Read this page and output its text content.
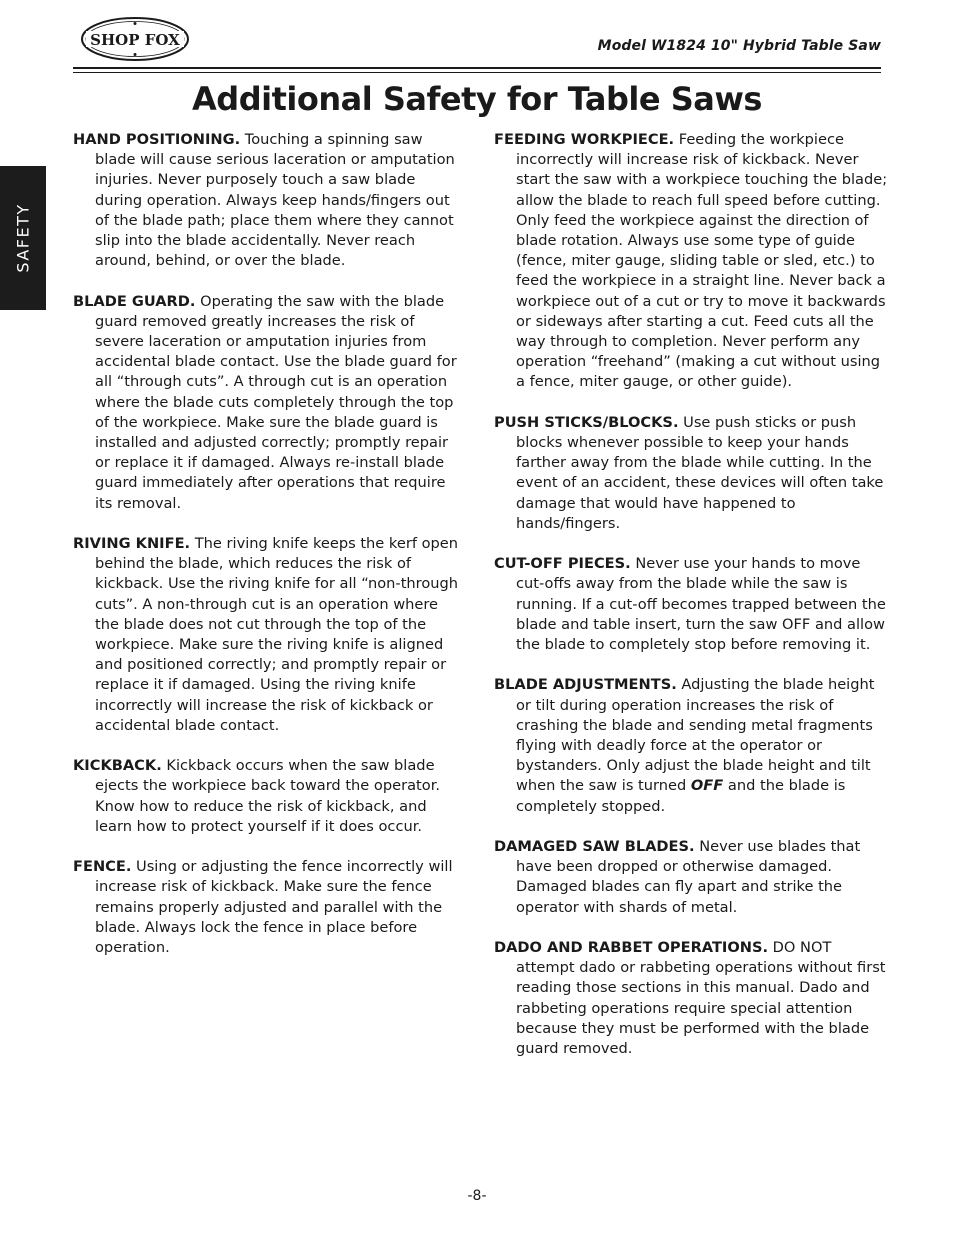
SHOP FOX	Model W1824 10" Hybrid Table Saw
Additional Safety for Table Saws
SAFETY

HAND POSITIONING. Touching a spinning saw blade will cause serious laceration or amputation injuries. Never purposely touch a saw blade during operation. Always keep hands/fingers out of the blade path; place them where they cannot slip into the blade accidentally. Never reach around, behind, or over the blade.

BLADE GUARD. Operating the saw with the blade guard removed greatly increases the risk of severe laceration or amputation injuries from accidental blade contact. Use the blade guard for all “through cuts”. A through cut is an operation where the blade cuts completely through the top of the workpiece. Make sure the blade guard is installed and adjusted correctly; promptly repair or replace it if damaged. Always re-install blade guard immediately after operations that require its removal.

RIVING KNIFE. The riving knife keeps the kerf open behind the blade, which reduces the risk of kickback. Use the riving knife for all “non-through cuts”. A non-through cut is an operation where the blade does not cut through the top of the workpiece. Make sure the riving knife is aligned and positioned correctly; and promptly repair or replace it if damaged. Using the riving knife incorrectly will increase the risk of kickback or accidental blade contact.

KICKBACK. Kickback occurs when the saw blade ejects the workpiece back toward the operator. Know how to reduce the risk of kickback, and learn how to protect yourself if it does occur.

FENCE. Using or adjusting the fence incorrectly will increase risk of kickback. Make sure the fence remains properly adjusted and parallel with the blade. Always lock the fence in place before operation.

FEEDING WORKPIECE. Feeding the workpiece incorrectly will increase risk of kickback. Never start the saw with a workpiece touching the blade; allow the blade to reach full speed before cutting. Only feed the workpiece against the direction of blade rotation. Always use some type of guide (fence, miter gauge, sliding table or sled, etc.) to feed the workpiece in a straight line. Never back a workpiece out of a cut or try to move it backwards or sideways after starting a cut. Feed cuts all the way through to completion. Never perform any operation “freehand” (making a cut without using a fence, miter gauge, or other guide).

PUSH STICKS/BLOCKS. Use push sticks or push blocks whenever possible to keep your hands farther away from the blade while cutting. In the event of an accident, these devices will often take damage that would have happened to hands/fingers.

CUT-OFF PIECES. Never use your hands to move cut-offs away from the blade while the saw is running. If a cut-off becomes trapped between the blade and table insert, turn the saw OFF and allow the blade to completely stop before removing it.

BLADE ADJUSTMENTS. Adjusting the blade height or tilt during operation increases the risk of crashing the blade and sending metal fragments flying with deadly force at the operator or bystanders. Only adjust the blade height and tilt when the saw is turned OFF and the blade is completely stopped.

DAMAGED SAW BLADES. Never use blades that have been dropped or otherwise damaged. Damaged blades can fly apart and strike the operator with shards of metal.

DADO AND RABBET OPERATIONS. DO NOT attempt dado or rabbeting operations without first reading those sections in this manual. Dado and rabbeting operations require special attention because they must be performed with the blade guard removed.

-8-
